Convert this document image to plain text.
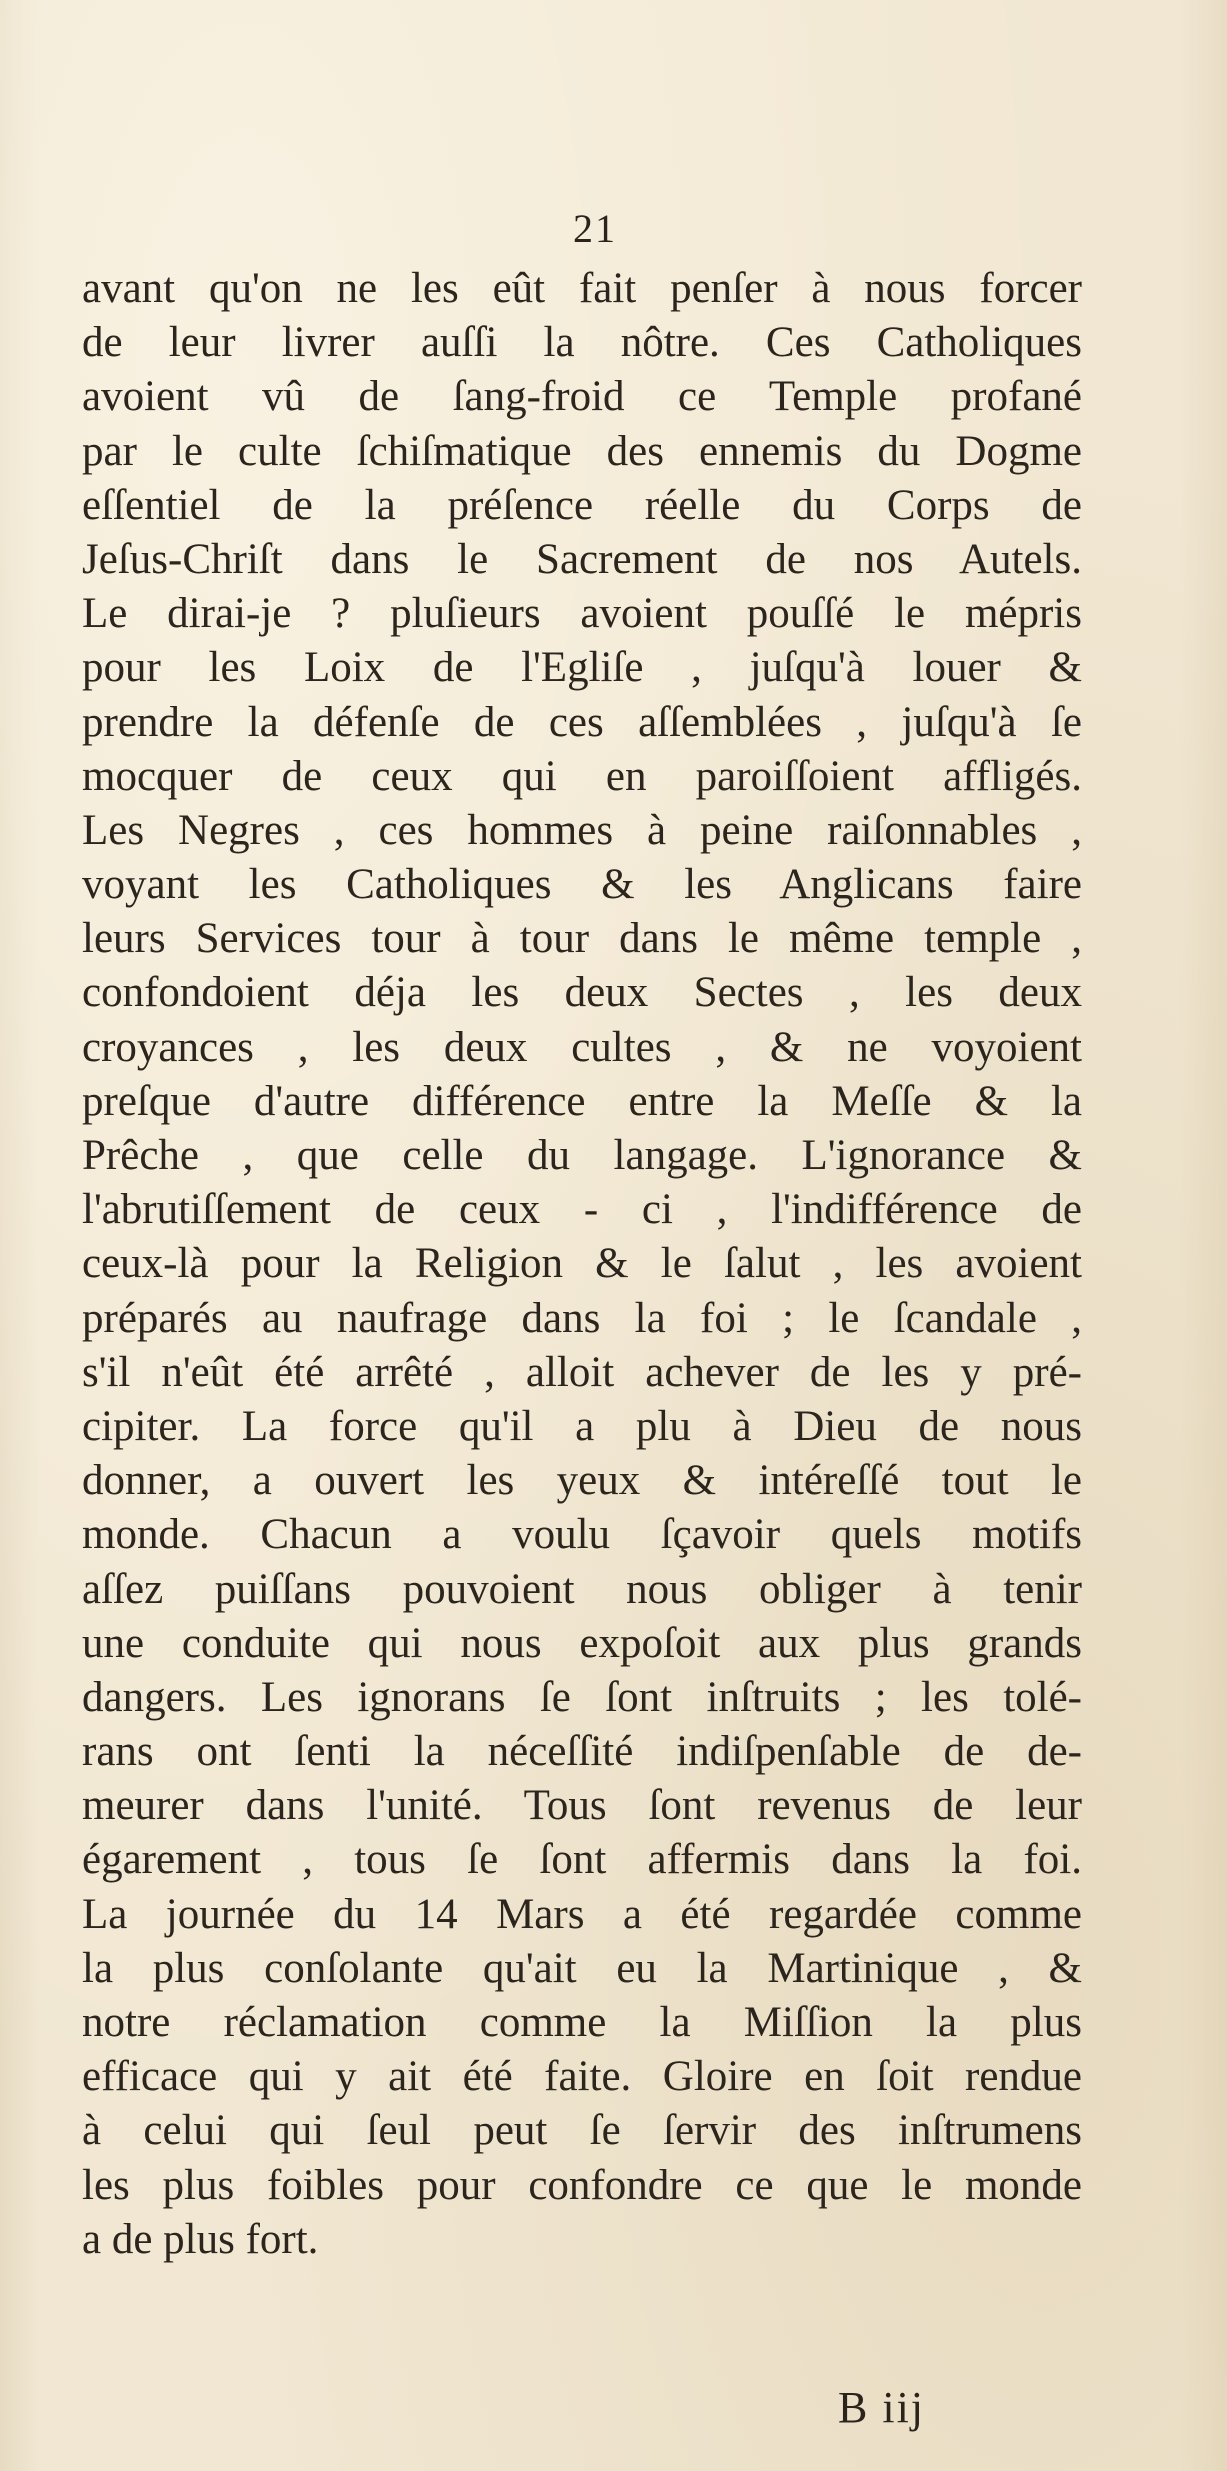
21
avant qu'on ne les eût fait penſer à nous forcer
de leur livrer auſſi la nôtre. Ces Catholiques
avoient vû de ſang-froid ce Temple profané
par le culte ſchiſmatique des ennemis du Dogme
eſſentiel de la préſence réelle du Corps de
Jeſus-Chriſt dans le Sacrement de nos Autels.
Le dirai-je ? pluſieurs avoient pouſſé le mépris
pour les Loix de l'Egliſe , juſqu'à louer &
prendre la défenſe de ces aſſemblées , juſqu'à ſe
mocquer de ceux qui en paroiſſoient affligés.
Les Negres , ces hommes à peine raiſonnables ,
voyant les Catholiques & les Anglicans faire
leurs Services tour à tour dans le même temple ,
confondoient déja les deux Sectes , les deux
croyances , les deux cultes , & ne voyoient
preſque d'autre différence entre la Meſſe & la
Prêche , que celle du langage. L'ignorance &
l'abrutiſſement de ceux - ci , l'indifférence de
ceux-là pour la Religion & le ſalut , les avoient
préparés au naufrage dans la foi ; le ſcandale ,
s'il n'eût été arrêté , alloit achever de les y pré-
cipiter. La force qu'il a plu à Dieu de nous
donner, a ouvert les yeux & intéreſſé tout le
monde. Chacun a voulu ſçavoir quels motifs
aſſez puiſſans pouvoient nous obliger à tenir
une conduite qui nous expoſoit aux plus grands
dangers. Les ignorans ſe ſont inſtruits ; les tolé-
rans ont ſenti la néceſſité indiſpenſable de de-
meurer dans l'unité. Tous ſont revenus de leur
égarement , tous ſe ſont affermis dans la foi.
La journée du 14 Mars a été regardée comme
la plus conſolante qu'ait eu la Martinique , &
notre réclamation comme la Miſſion la plus
efficace qui y ait été faite. Gloire en ſoit rendue
à celui qui ſeul peut ſe ſervir des inſtrumens
les plus foibles pour confondre ce que le monde
a de plus fort.
B iij
